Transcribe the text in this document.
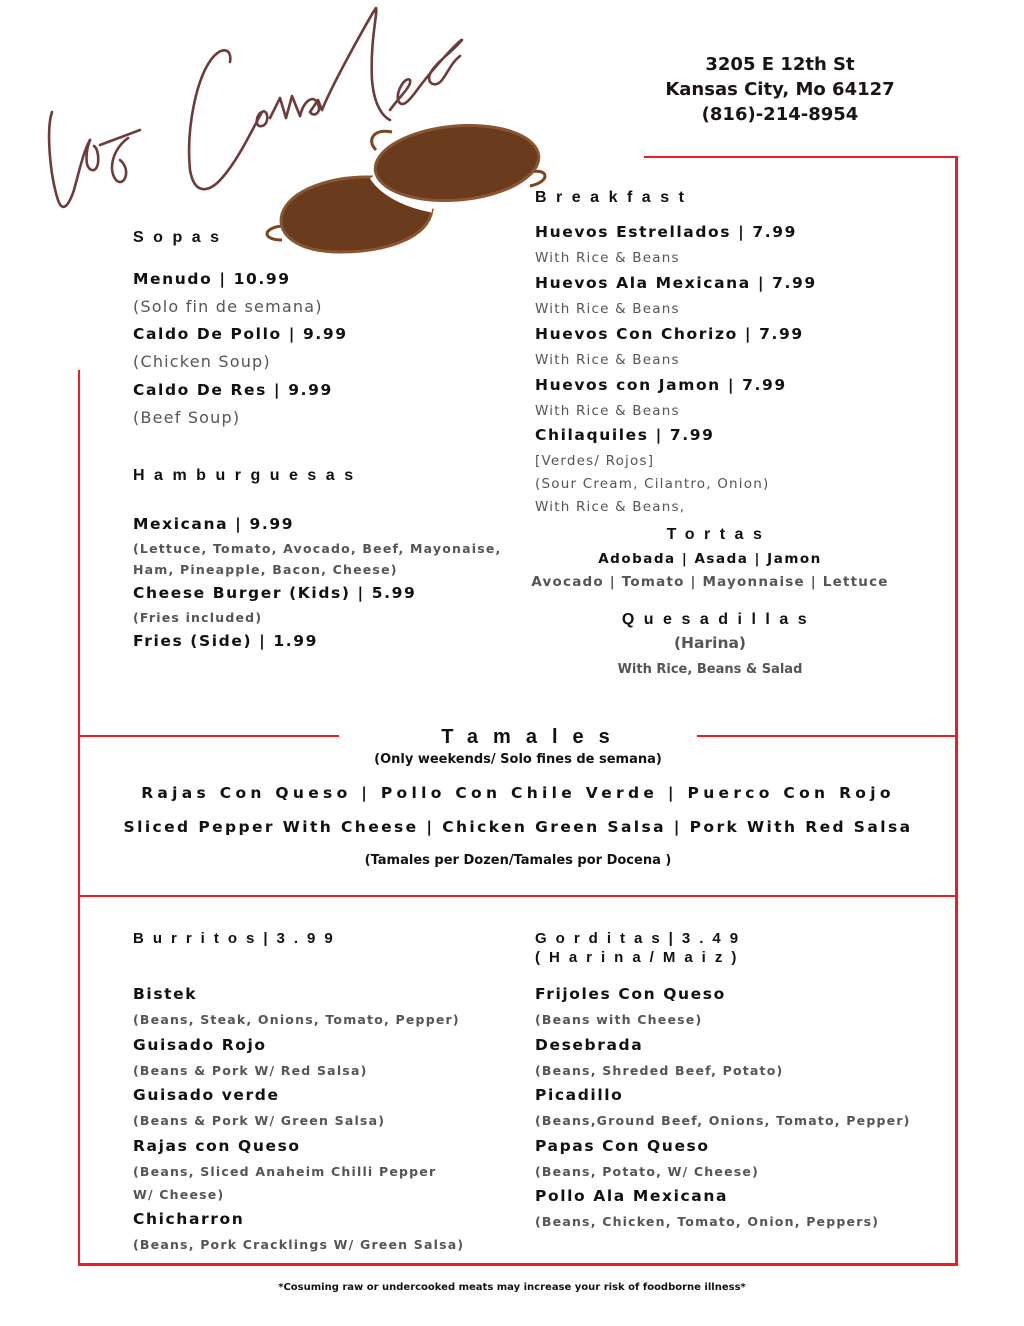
3205 E 12th St
Kansas City, Mo 64127
(816)-214-8954
Sopas
Menudo | 10.99
(Solo fin de semana)
Caldo De Pollo | 9.99
(Chicken Soup)
Caldo De Res | 9.99
(Beef Soup)
Hamburguesas
Mexicana | 9.99
(Lettuce, Tomato, Avocado, Beef, Mayonaise,
Ham, Pineapple, Bacon, Cheese)
Cheese Burger (Kids) | 5.99
(Fries included)
Fries (Side) | 1.99
Breakfast
Huevos Estrellados | 7.99
With Rice & Beans
Huevos Ala Mexicana | 7.99
With Rice & Beans
Huevos Con Chorizo | 7.99
With Rice & Beans
Huevos con Jamon | 7.99
With Rice & Beans
Chilaquiles | 7.99
[Verdes/ Rojos]
(Sour Cream, Cilantro, Onion)
With Rice & Beans,
Tortas
Adobada | Asada | Jamon
Avocado | Tomato | Mayonnaise | Lettuce
Quesadillas
(Harina)
With Rice, Beans & Salad
Tamales
(Only weekends/ Solo fines de semana)
Rajas Con Queso | Pollo Con Chile Verde | Puerco Con Rojo
Sliced Pepper With Cheese | Chicken Green Salsa | Pork With Red Salsa
(Tamales per Dozen/Tamales por Docena )
Burritos|3.99
Bistek
(Beans, Steak, Onions, Tomato, Pepper)
Guisado Rojo
(Beans & Pork W/ Red Salsa)
Guisado verde
(Beans & Pork W/ Green Salsa)
Rajas con Queso
(Beans, Sliced Anaheim Chilli Pepper
W/ Cheese)
Chicharron
(Beans, Pork Cracklings W/ Green Salsa)
Gorditas|3.49
(Harina/Maiz)
Frijoles Con Queso
(Beans with Cheese)
Desebrada
(Beans, Shreded Beef, Potato)
Picadillo
(Beans,Ground Beef, Onions, Tomato, Pepper)
Papas Con Queso
(Beans, Potato, W/ Cheese)
Pollo Ala Mexicana
(Beans, Chicken, Tomato, Onion, Peppers)
*Cosuming raw or undercooked meats may increase your risk of foodborne illness*
